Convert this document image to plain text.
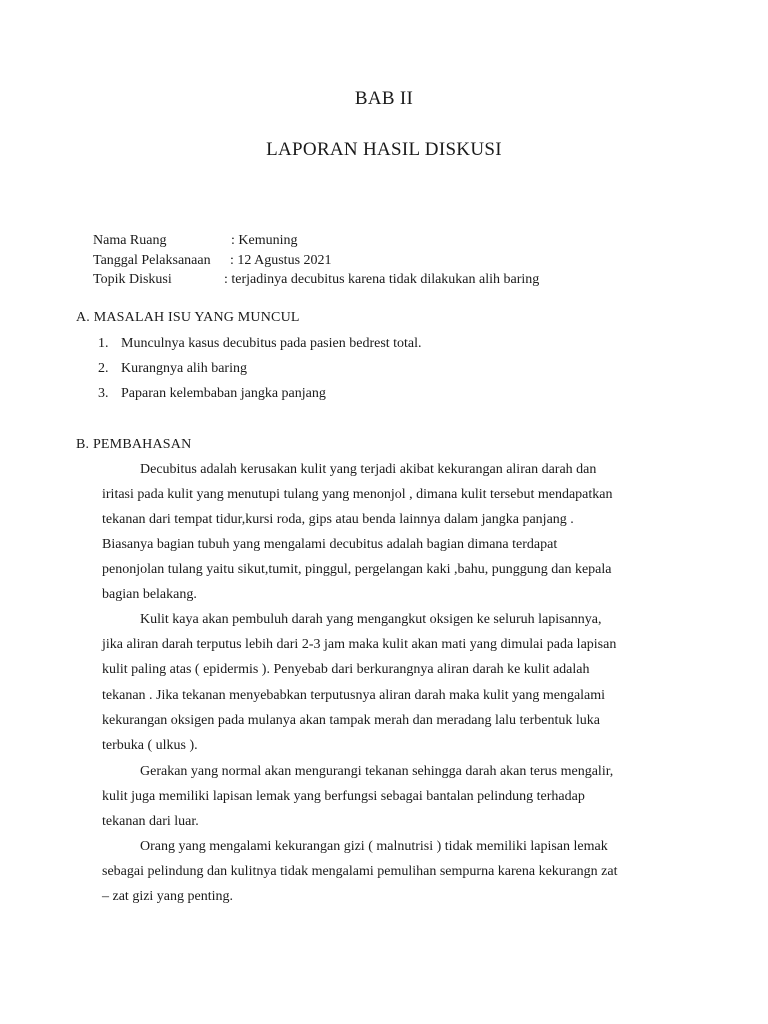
BAB II
LAPORAN HASIL DISKUSI
Nama Ruang	: Kemuning
Tanggal Pelaksanaan : 12 Agustus 2021
Topik Diskusi	: terjadinya decubitus karena tidak dilakukan alih baring
A. MASALAH ISU YANG MUNCUL
1. Munculnya kasus decubitus pada pasien bedrest total.
2. Kurangnya alih baring
3. Paparan kelembaban jangka panjang
B. PEMBAHASAN
Decubitus adalah kerusakan kulit yang terjadi akibat kekurangan aliran darah dan
iritasi pada kulit yang menutupi tulang yang menonjol , dimana kulit tersebut mendapatkan
tekanan dari tempat tidur,kursi roda, gips atau benda lainnya dalam jangka panjang .
Biasanya bagian tubuh yang mengalami decubitus adalah bagian dimana terdapat
penonjolan tulang yaitu sikut,tumit, pinggul, pergelangan kaki ,bahu, punggung dan kepala
bagian belakang.
Kulit kaya akan pembuluh darah yang mengangkut oksigen ke seluruh lapisannya,
jika aliran darah terputus lebih dari 2-3 jam maka kulit akan mati yang dimulai pada lapisan
kulit paling atas ( epidermis ). Penyebab dari berkurangnya aliran darah ke kulit adalah
tekanan . Jika tekanan menyebabkan terputusnya aliran darah maka kulit yang mengalami
kekurangan oksigen pada mulanya akan tampak merah dan meradang lalu terbentuk luka
terbuka ( ulkus ).
Gerakan yang normal akan mengurangi tekanan sehingga darah akan terus mengalir,
kulit juga memiliki lapisan lemak yang berfungsi sebagai bantalan pelindung terhadap
tekanan dari luar.
Orang yang mengalami kekurangan gizi ( malnutrisi ) tidak memiliki lapisan lemak
sebagai pelindung dan kulitnya tidak mengalami pemulihan sempurna karena kekurangn zat
– zat gizi yang penting.
